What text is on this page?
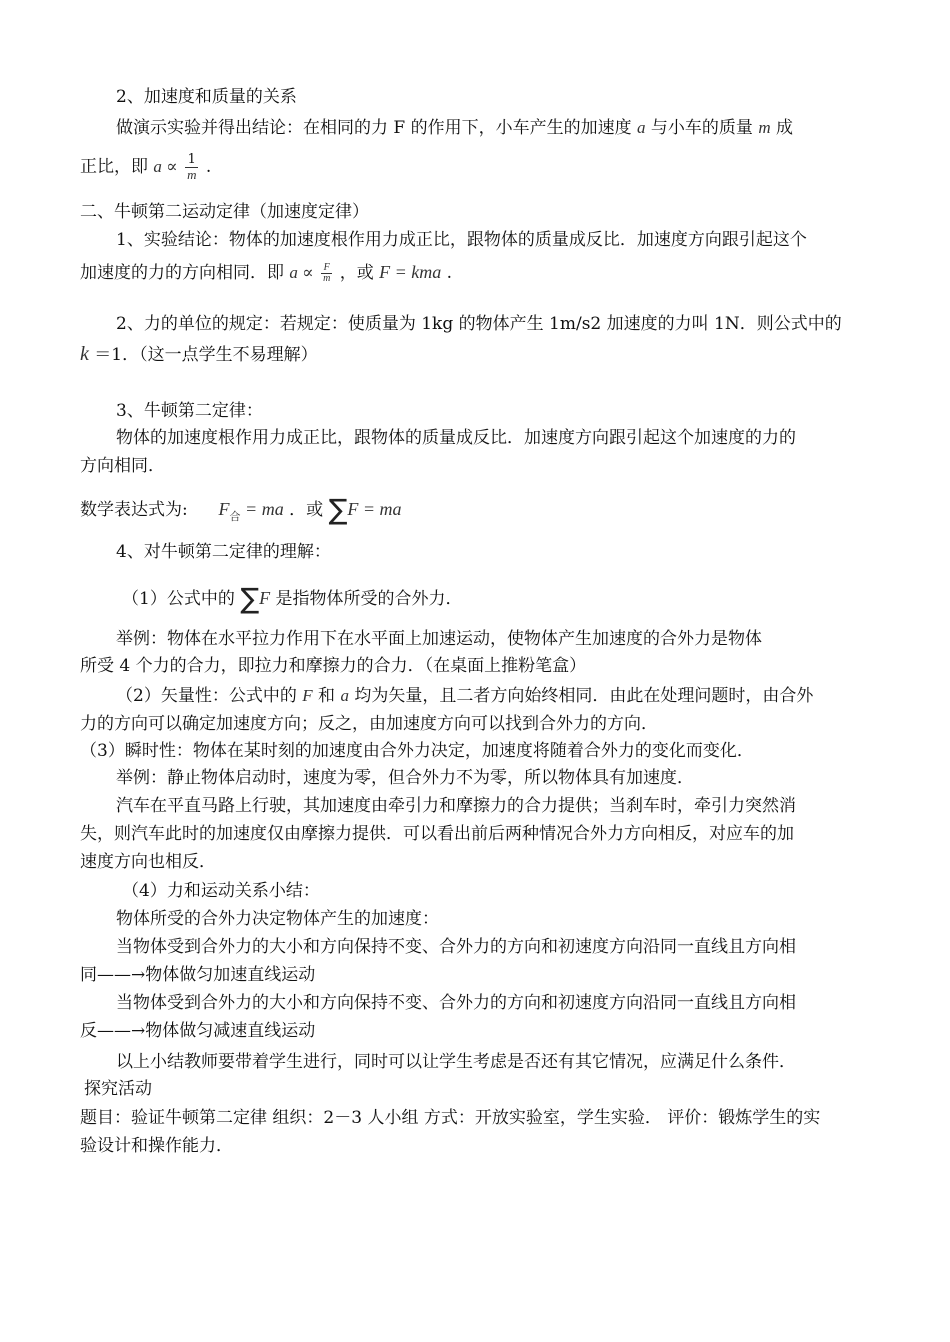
2、加速度和质量的关系
做演示实验并得出结论：在相同的力 F 的作用下，小车产生的加速度 a 与小车的质量 m 成
正比，即 $a \propto \frac{1}{m}$ .
二、牛顿第二运动定律（加速度定律）
1、实验结论：物体的加速度根作用力成正比，跟物体的质量成反比．加速度方向跟引起这个
加速度的力的方向相同．即 $a \propto \frac{F}{m}$ ，或 F = kma .
2、力的单位的规定：若规定：使质量为 1kg 的物体产生 1m/s2 加速度的力叫 1N．则公式中的
k ＝1．（这一点学生不易理解）
3、牛顿第二定律：
物体的加速度根作用力成正比，跟物体的质量成反比．加速度方向跟引起这个加速度的力的
方向相同．
数学表达式为: $F_合$ = ma ．或 ∑F = ma
4、对牛顿第二定律的理解：
（1）公式中的 ∑F 是指物体所受的合外力．
举例：物体在水平拉力作用下在水平面上加速运动，使物体产生加速度的合外力是物体
所受 4 个力的合力，即拉力和摩擦力的合力．（在桌面上推粉笔盒）
（2）矢量性：公式中的 F 和 a 均为矢量，且二者方向始终相同．由此在处理问题时，由合外
力的方向可以确定加速度方向；反之，由加速度方向可以找到合外力的方向．
（3）瞬时性：物体在某时刻的加速度由合外力决定，加速度将随着合外力的变化而变化．
举例：静止物体启动时，速度为零，但合外力不为零，所以物体具有加速度．
汽车在平直马路上行驶，其加速度由牵引力和摩擦力的合力提供；当刹车时，牵引力突然消
失，则汽车此时的加速度仅由摩擦力提供．可以看出前后两种情况合外力方向相反，对应车的加
速度方向也相反．
（4）力和运动关系小结：
物体所受的合外力决定物体产生的加速度：
当物体受到合外力的大小和方向保持不变、合外力的方向和初速度方向沿同一直线且方向相
同——→物体做匀加速直线运动
当物体受到合外力的大小和方向保持不变、合外力的方向和初速度方向沿同一直线且方向相
反——→物体做匀减速直线运动
以上小结教师要带着学生进行，同时可以让学生考虑是否还有其它情况，应满足什么条件．
探究活动
题目：验证牛顿第二定律 组织：2－3 人小组 方式：开放实验室，学生实验． 评价：锻炼学生的实
验设计和操作能力．
